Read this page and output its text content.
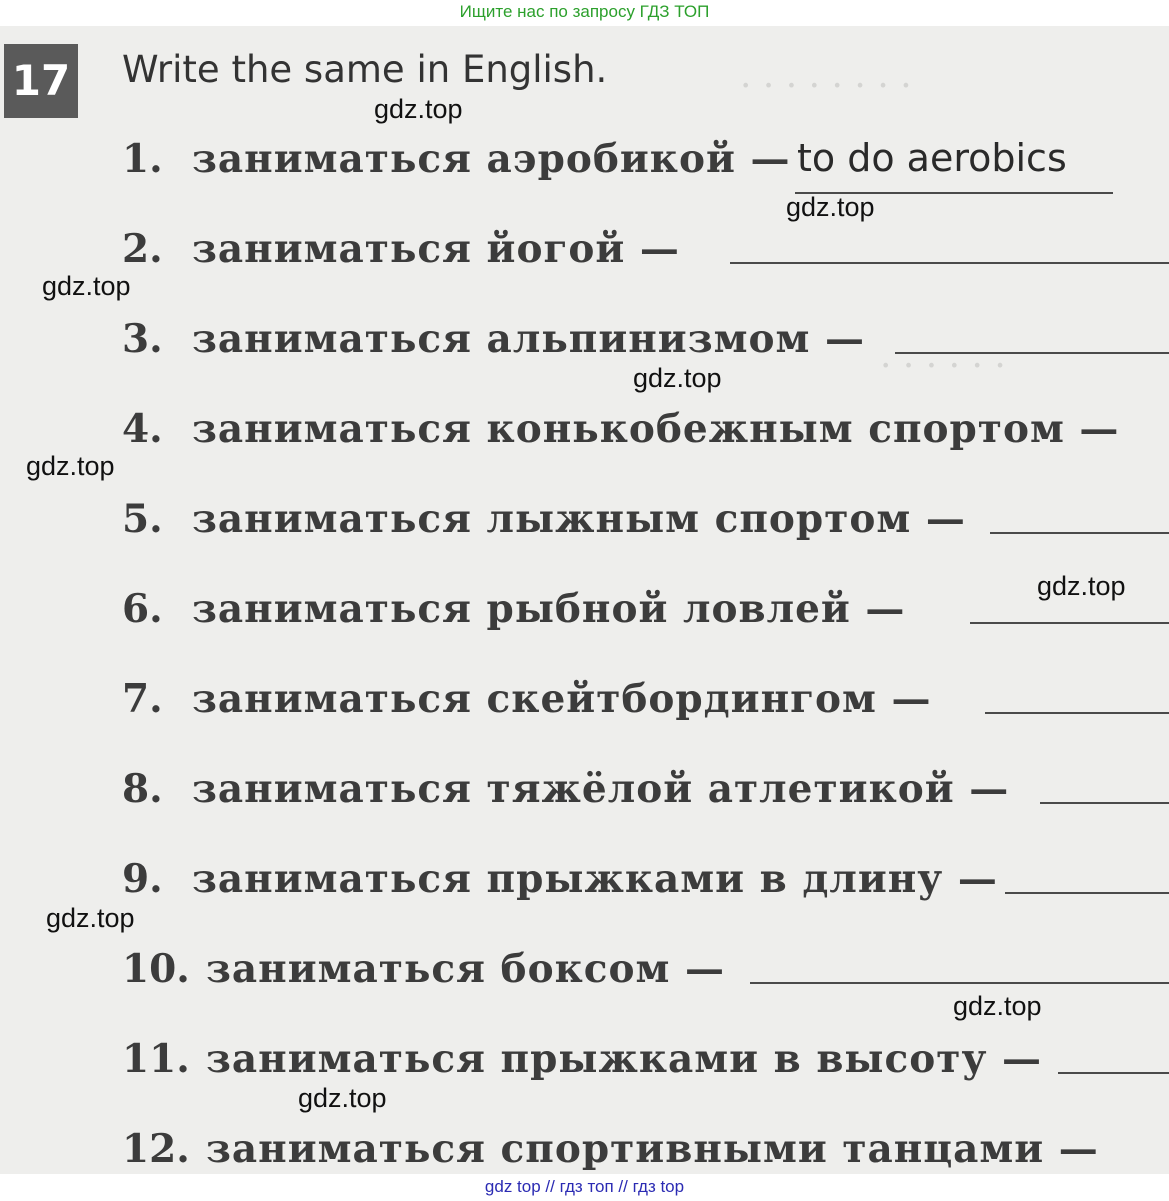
Ищите нас по запросу ГДЗ ТОП
· · · · · · · ·
· · · · · ·
17 Write the same in English.
1. заниматься аэробикой — to do aerobics
2. заниматься йогой —
3. заниматься альпинизмом —
4. заниматься конькобежным спортом —
5. заниматься лыжным спортом —
6. заниматься рыбной ловлей —
7. заниматься скейтбордингом —
8. заниматься тяжёлой атлетикой —
9. заниматься прыжками в длину —
10. заниматься боксом —
11. заниматься прыжками в высоту —
12. заниматься спортивными танцами —
gdz.top
gdz.top
gdz.top
gdz.top
gdz.top
gdz.top
gdz.top
gdz.top
gdz.top
gdz top // гдз топ // гдз top
